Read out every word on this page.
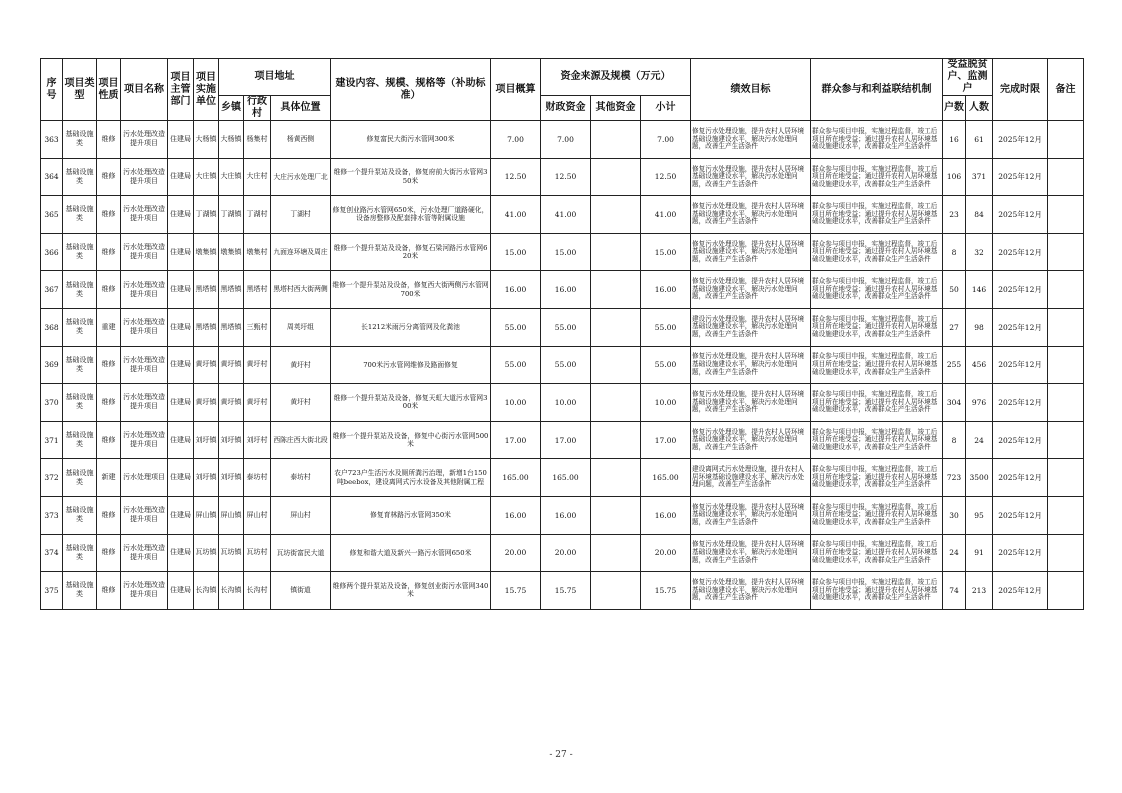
序号	项目类型	项目性质	项目名称	项目主管部门	项目实施单位	项目地址			建设内容、规模、规格等（补助标准）	项目概算	资金来源及规模（万元）			绩效目标	群众参与和利益联结机制	受益脱贫户、监测户		完成时限	备注
						乡镇	行政村	具体位置			财政资金	其他资金	小计			户数	人数		
363	基础设施类	维修	污水处理改造提升项目	住建局	大杨镇	大杨镇	杨集村	杨黄西侧	修复富民大街污水管网300米	7.00	7.00		7.00	修复污水处理设施，提升农村人居环境基础设施建设水平，解决污水处理问题，改善生产生活条件	群众参与项目申报，实施过程监督，竣工后项目所在地受益；通过提升农村人居环境基础设施建设水平，改善群众生产生活条件	16	61	2025年12月	
364	基础设施类	维修	污水处理改造提升项目	住建局	大庄镇	大庄镇	大庄村	大庄污水处理厂北	维修一个提升泵站及设备，修复府前大街污水管网350米	12.50	12.50		12.50	修复污水处理设施，提升农村人居环境基础设施建设水平，解决污水处理问题，改善生产生活条件	群众参与项目申报，实施过程监督，竣工后项目所在地受益；通过提升农村人居环境基础设施建设水平，改善群众生产生活条件	106	371	2025年12月	
365	基础设施类	维修	污水处理改造提升项目	住建局	丁湖镇	丁湖镇	丁湖村	丁湖村	修复创业路污水管网650米，污水处理厂道路硬化，设备房整修及配套排水管等附属设施	41.00	41.00		41.00	修复污水处理设施，提升农村人居环境基础设施建设水平，解决污水处理问题，改善生产生活条件	群众参与项目申报，实施过程监督，竣工后项目所在地受益；通过提升农村人居环境基础设施建设水平，改善群众生产生活条件	23	84	2025年12月	
366	基础设施类	维修	污水处理改造提升项目	住建局	墩集镇	墩集镇	墩集村	九面连环塘及周庄	维修一个提升泵站及设备，修复石梁河路污水管网620米	15.00	15.00		15.00	修复污水处理设施，提升农村人居环境基础设施建设水平，解决污水处理问题，改善生产生活条件	群众参与项目申报，实施过程监督，竣工后项目所在地受益；通过提升农村人居环境基础设施建设水平，改善群众生产生活条件	8	32	2025年12月	
367	基础设施类	维修	污水处理改造提升项目	住建局	黑塔镇	黑塔镇	黑塔村	黑塔村西大街两侧	维修一个提升泵站及设备，修复西大街两侧污水管网700米	16.00	16.00		16.00	修复污水处理设施，提升农村人居环境基础设施建设水平，解决污水处理问题，改善生产生活条件	群众参与项目申报，实施过程监督，竣工后项目所在地受益；通过提升农村人居环境基础设施建设水平，改善群众生产生活条件	50	146	2025年12月	
368	基础设施类	重建	污水处理改造提升项目	住建局	黑塔镇	黑塔镇	三甄村	周英圩组	长1212米雨污分离管网及化粪池	55.00	55.00		55.00	建设污水处理设施，提升农村人居环境基础设施建设水平，解决污水处理问题，改善生产生活条件	群众参与项目申报，实施过程监督，竣工后项目所在地受益；通过提升农村人居环境基础设施建设水平，改善群众生产生活条件	27	98	2025年12月	
369	基础设施类	维修	污水处理改造提升项目	住建局	黄圩镇	黄圩镇	黄圩村	黄圩村	700米污水管网维修及路面修复	55.00	55.00		55.00	修复污水处理设施，提升农村人居环境基础设施建设水平，解决污水处理问题，改善生产生活条件	群众参与项目申报，实施过程监督，竣工后项目所在地受益；通过提升农村人居环境基础设施建设水平，改善群众生产生活条件	255	456	2025年12月	
370	基础设施类	维修	污水处理改造提升项目	住建局	黄圩镇	黄圩镇	黄圩村	黄圩村	维修一个提升泵站及设备，修复天虹大道污水管网300米	10.00	10.00		10.00	修复污水处理设施，提升农村人居环境基础设施建设水平，解决污水处理问题，改善生产生活条件	群众参与项目申报，实施过程监督，竣工后项目所在地受益；通过提升农村人居环境基础设施建设水平，改善群众生产生活条件	304	976	2025年12月	
371	基础设施类	维修	污水处理改造提升项目	住建局	刘圩镇	刘圩镇	刘圩村	西陈庄西大街北段	维修一个提升泵站及设备，修复中心街污水管网500米	17.00	17.00		17.00	修复污水处理设施，提升农村人居环境基础设施建设水平，解决污水处理问题，改善生产生活条件	群众参与项目申报，实施过程监督，竣工后项目所在地受益；通过提升农村人居环境基础设施建设水平，改善群众生产生活条件	8	24	2025年12月	
372	基础设施类	新建	污水处理项目	住建局	刘圩镇	刘圩镇	泰坊村	泰坊村	农户723户生活污水及厕所粪污治理，新增1台150吨beebox，建设离网式污水设备及其他附属工程	165.00	165.00		165.00	建设离网式污水处理设施，提升农村人居环境基础设施建设水平，解决污水处理问题，改善生产生活条件	群众参与项目申报，实施过程监督，竣工后项目所在地受益；通过提升农村人居环境基础设施建设水平，改善群众生产生活条件	723	3500	2025年12月	
373	基础设施类	维修	污水处理改造提升项目	住建局	屏山镇	屏山镇	屏山村	屏山村	修复育林路污水管网350米	16.00	16.00		16.00	修复污水处理设施，提升农村人居环境基础设施建设水平，解决污水处理问题，改善生产生活条件	群众参与项目申报，实施过程监督，竣工后项目所在地受益；通过提升农村人居环境基础设施建设水平，改善群众生产生活条件	30	95	2025年12月	
374	基础设施类	维修	污水处理改造提升项目	住建局	瓦坊镇	瓦坊镇	瓦坊村	瓦坊街富民大道	修复和谐大道及新兴一路污水管网650米	20.00	20.00		20.00	修复污水处理设施，提升农村人居环境基础设施建设水平，解决污水处理问题，改善生产生活条件	群众参与项目申报，实施过程监督，竣工后项目所在地受益；通过提升农村人居环境基础设施建设水平，改善群众生产生活条件	24	91	2025年12月	
375	基础设施类	维修	污水处理改造提升项目	住建局	长沟镇	长沟镇	长沟村	镇街道	维修两个提升泵站及设备，修复创业街污水管网340米	15.75	15.75		15.75	修复污水处理设施，提升农村人居环境基础设施建设水平，解决污水处理问题，改善生产生活条件	群众参与项目申报，实施过程监督，竣工后项目所在地受益；通过提升农村人居环境基础设施建设水平，改善群众生产生活条件	74	213	2025年12月	
- 27 -
